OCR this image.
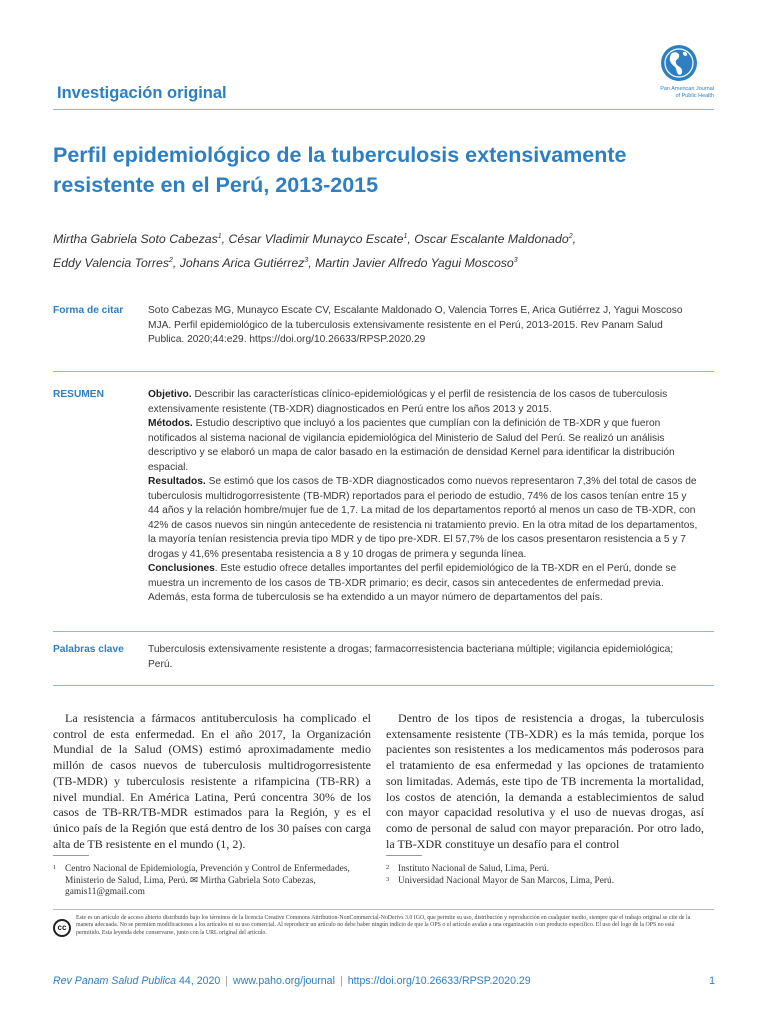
Investigación original	Pan American Journal
of Public Health
Perfil epidemiológico de la tuberculosis extensivamente resistente en el Perú, 2013-2015
Mirtha Gabriela Soto Cabezas$^1$, César Vladimir Munayco Escate$^1$, Oscar Escalante Maldonado$^2$,
Eddy Valencia Torres$^2$, Johans Arica Gutiérrez$^3$, Martin Javier Alfredo Yagui Moscoso$^3$
Forma de citar Soto Cabezas MG, Munayco Escate CV, Escalante Maldonado O, Valencia Torres E, Arica Gutiérrez J, Yagui Moscoso MJA. Perfil epidemiológico de la tuberculosis extensivamente resistente en el Perú, 2013-2015. Rev Panam Salud Publica. 2020;44:e29. https://doi.org/10.26633/RPSP.2020.29
RESUMEN	Objetivo. Describir las características clínico-epidemiológicas y el perfil de resistencia de los casos de tuberculosis extensivamente resistente (TB-XDR) diagnosticados en Perú entre los años 2013 y 2015.
Métodos. Estudio descriptivo que incluyó a los pacientes que cumplían con la definición de TB-XDR y que fueron notificados al sistema nacional de vigilancia epidemiológica del Ministerio de Salud del Perú. Se realizó un análisis descriptivo y se elaboró un mapa de calor basado en la estimación de densidad Kernel para identificar la distribución espacial.
Resultados. Se estimó que los casos de TB-XDR diagnosticados como nuevos representaron 7,3% del total de casos de tuberculosis multidrogorresistente (TB-MDR) reportados para el periodo de estudio, 74% de los casos tenían entre 15 y 44 años y la relación hombre/mujer fue de 1,7. La mitad de los departamentos reportó al menos un caso de TB-XDR, con 42% de casos nuevos sin ningún antecedente de resistencia ni tratamiento previo. En la otra mitad de los departamentos, la mayoría tenían resistencia previa tipo MDR y de tipo pre-XDR. El 57,7% de los casos presentaron resistencia a 5 y 7 drogas y 41,6% presentaba resistencia a 8 y 10 drogas de primera y segunda línea.
Conclusiones. Este estudio ofrece detalles importantes del perfil epidemiológico de la TB-XDR en el Perú, donde se muestra un incremento de los casos de TB-XDR primario; es decir, casos sin antecedentes de enfermedad previa. Además, esta forma de tuberculosis se ha extendido a un mayor número de departamentos del país.
Palabras clave Tuberculosis extensivamente resistente a drogas; farmacorresistencia bacteriana múltiple; vigilancia epidemiológica; Perú.

La resistencia a fármacos antituberculosis ha complicado el control de esta enfermedad. En el año 2017, la Organización Mundial de la Salud (OMS) estimó aproximadamente medio millón de casos nuevos de tuberculosis multidrogorresistente (TB-MDR) y tuberculosis resistente a rifampicina (TB-RR) a nivel mundial. En América Latina, Perú concentra 30% de los casos de TB-RR/TB-MDR estimados para la Región, y es el único país de la Región que está dentro de los 30 países con carga alta de TB resistente en el mundo (1, 2).

Dentro de los tipos de resistencia a drogas, la tuberculosis extensamente resistente (TB-XDR) es la más temida, porque los pacientes son resistentes a los medicamentos más poderosos para el tratamiento de esa enfermedad y las opciones de tratamiento son limitadas. Además, este tipo de TB incrementa la mortalidad, los costos de atención, la demanda a establecimientos de salud con mayor capacidad resolutiva y el uso de nuevas drogas, así como de personal de salud con mayor preparación. Por otro lado, la TB-XDR constituye un desafío para el control

1 Centro Nacional de Epidemiología, Prevención y Control de Enfermedades, Ministerio de Salud, Lima, Perú. ✉ Mirtha Gabriela Soto Cabezas, gamis11@gmail.com
2 Instituto Nacional de Salud, Lima, Perú.
3 Universidad Nacional Mayor de San Marcos, Lima, Perú.
cc
Este es un artículo de acceso abierto distribuido bajo los términos de la licencia Creative Commons Attribution-NonCommercial-NoDerivs 3.0 IGO, que permite su uso, distribución y reproducción en cualquier medio, siempre que el trabajo original se cite de la manera adecuada. No se permiten modificaciones a los artículos ni su uso comercial. Al reproducir un artículo no debe haber ningún indicio de que la OPS o el artículo avalan a una organización o un producto específico. El uso del logo de la OPS no está permitido. Esta leyenda debe conservarse, junto con la URL original del artículo.
Rev Panam Salud Publica 44, 2020 | www.paho.org/journal | https://doi.org/10.26633/RPSP.2020.29	1
